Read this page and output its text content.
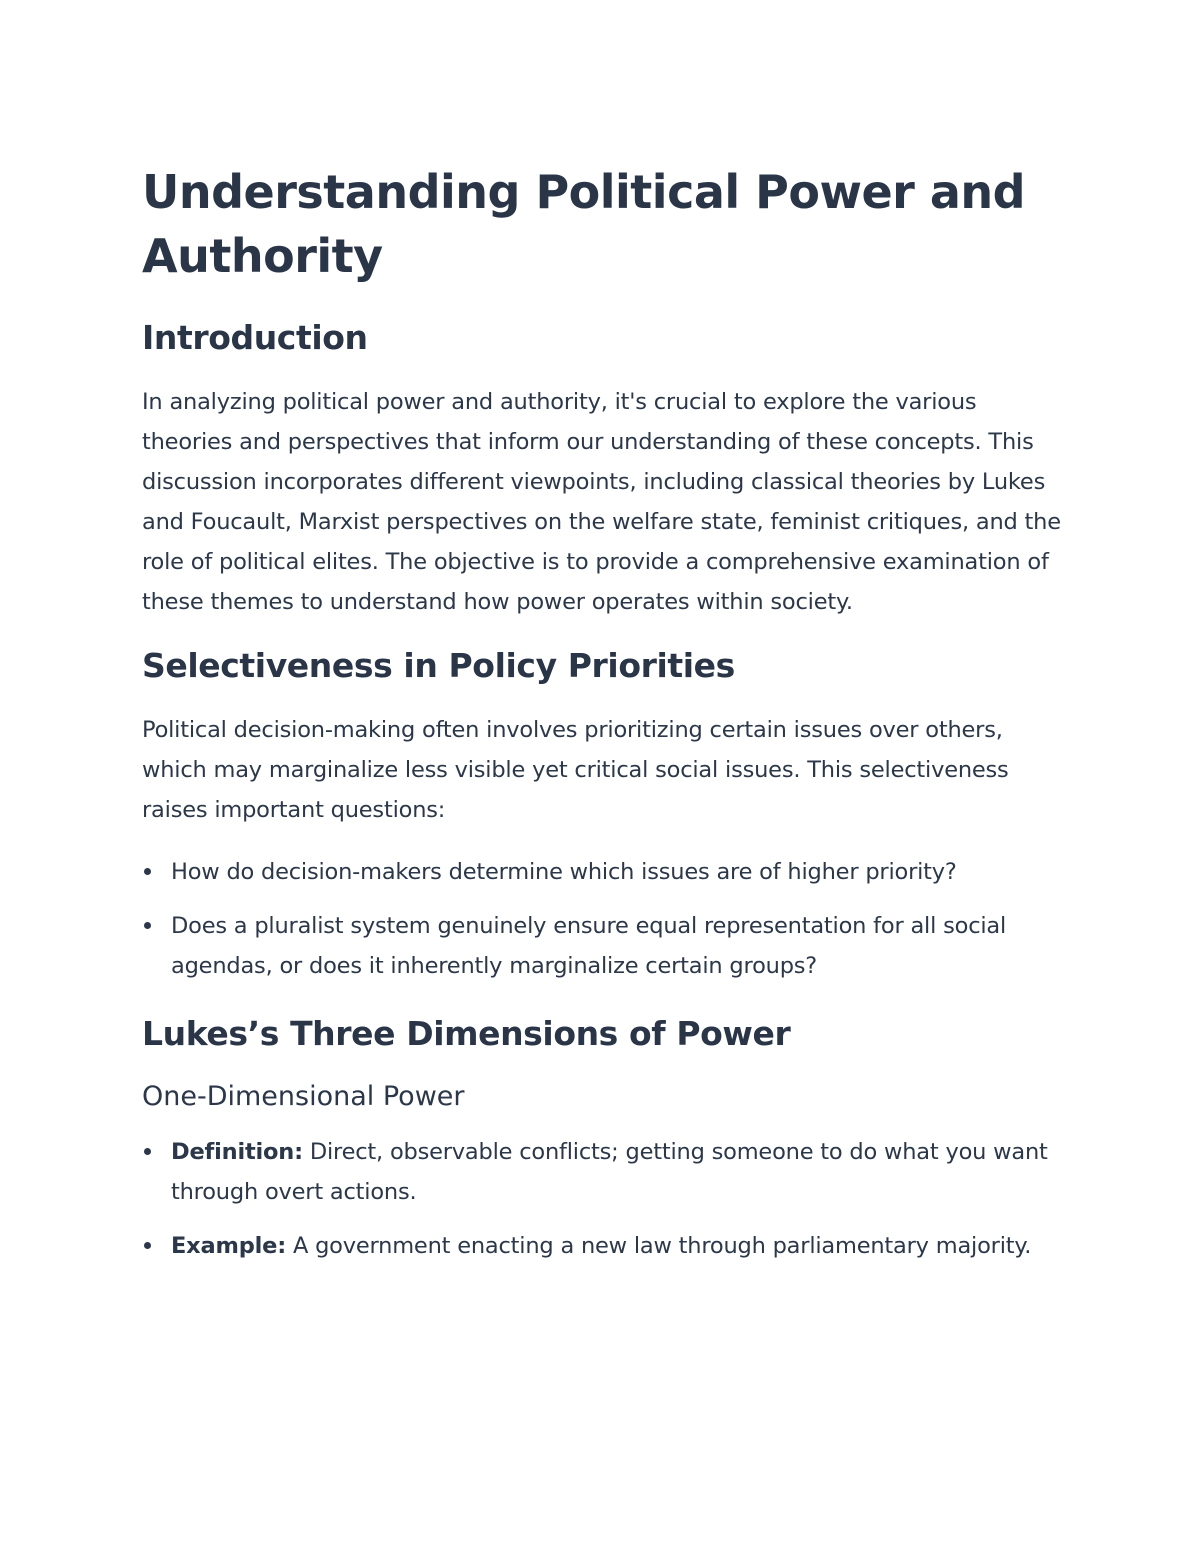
Understanding Political Power and Authority
Introduction

In analyzing political power and authority, it's crucial to explore the various theories and perspectives that inform our understanding of these concepts. This discussion incorporates different viewpoints, including classical theories by Lukes and Foucault, Marxist perspectives on the welfare state, feminist critiques, and the role of political elites. The objective is to provide a comprehensive examination of these themes to understand how power operates within society.

Selectiveness in Policy Priorities

Political decision-making often involves prioritizing certain issues over others, which may marginalize less visible yet critical social issues. This selectiveness raises important questions:

How do decision-makers determine which issues are of higher priority?
Does a pluralist system genuinely ensure equal representation for all social agendas, or does it inherently marginalize certain groups?
Lukes’s Three Dimensions of Power
One-Dimensional Power
Definition: Direct, observable conflicts; getting someone to do what you want through overt actions.
Example: A government enacting a new law through parliamentary majority.
